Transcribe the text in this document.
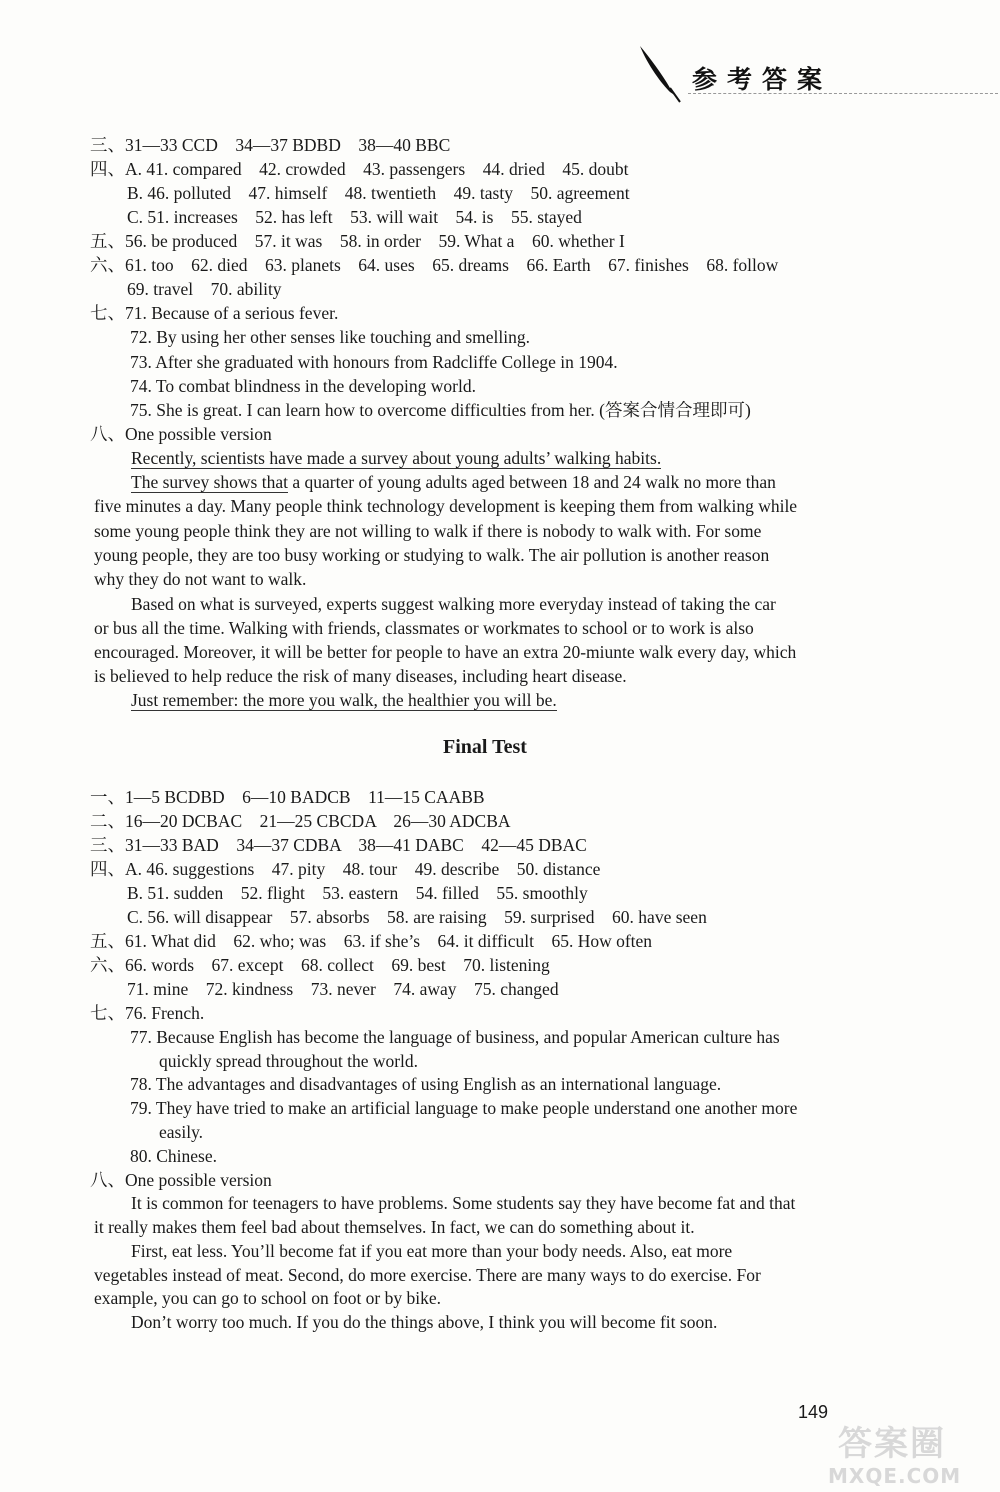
参考答案
三、31—33 CCD　34—37 BDBD　38—40 BBC
四、A. 41. compared　42. crowded　43. passengers　44. dried　45. doubt
B. 46. polluted　47. himself　48. twentieth　49. tasty　50. agreement
C. 51. increases　52. has left　53. will wait　54. is　55. stayed
五、56. be produced　57. it was　58. in order　59. What a　60. whether I
六、61. too　62. died　63. planets　64. uses　65. dreams　66. Earth　67. finishes　68. follow
69. travel　70. ability
七、71. Because of a serious fever.
72. By using her other senses like touching and smelling.
73. After she graduated with honours from Radcliffe College in 1904.
74. To combat blindness in the developing world.
75. She is great. I can learn how to overcome difficulties from her. (答案合情合理即可)
八、One possible version
Recently, scientists have made a survey about young adults’ walking habits.
The survey shows that a quarter of young adults aged between 18 and 24 walk no more than
five minutes a day. Many people think technology development is keeping them from walking while
some young people think they are not willing to walk if there is nobody to walk with. For some
young people, they are too busy working or studying to walk. The air pollution is another reason
why they do not want to walk.
Based on what is surveyed, experts suggest walking more everyday instead of taking the car
or bus all the time. Walking with friends, classmates or workmates to school or to work is also
encouraged. Moreover, it will be better for people to have an extra 20-miunte walk every day, which
is believed to help reduce the risk of many diseases, including heart disease.
Just remember: the more you walk, the healthier you will be.
Final Test
一、1—5 BCDBD　6—10 BADCB　11—15 CAABB
二、16—20 DCBAC　21—25 CBCDA　26—30 ADCBA
三、31—33 BAD　34—37 CDBA　38—41 DABC　42—45 DBAC
四、A. 46. suggestions　47. pity　48. tour　49. describe　50. distance
B. 51. sudden　52. flight　53. eastern　54. filled　55. smoothly
C. 56. will disappear　57. absorbs　58. are raising　59. surprised　60. have seen
五、61. What did　62. who; was　63. if she’s　64. it difficult　65. How often
六、66. words　67. except　68. collect　69. best　70. listening
71. mine　72. kindness　73. never　74. away　75. changed
七、76. French.
77. Because English has become the language of business, and popular American culture has
quickly spread throughout the world.
78. The advantages and disadvantages of using English as an international language.
79. They have tried to make an artificial language to make people understand one another more
easily.
80. Chinese.
八、One possible version
It is common for teenagers to have problems. Some students say they have become fat and that
it really makes them feel bad about themselves. In fact, we can do something about it.
First, eat less. You’ll become fat if you eat more than your body needs. Also, eat more
vegetables instead of meat. Second, do more exercise. There are many ways to do exercise. For
example, you can go to school on foot or by bike.
Don’t worry too much. If you do the things above, I think you will become fit soon.
149
答案圈
MXQE.COM
